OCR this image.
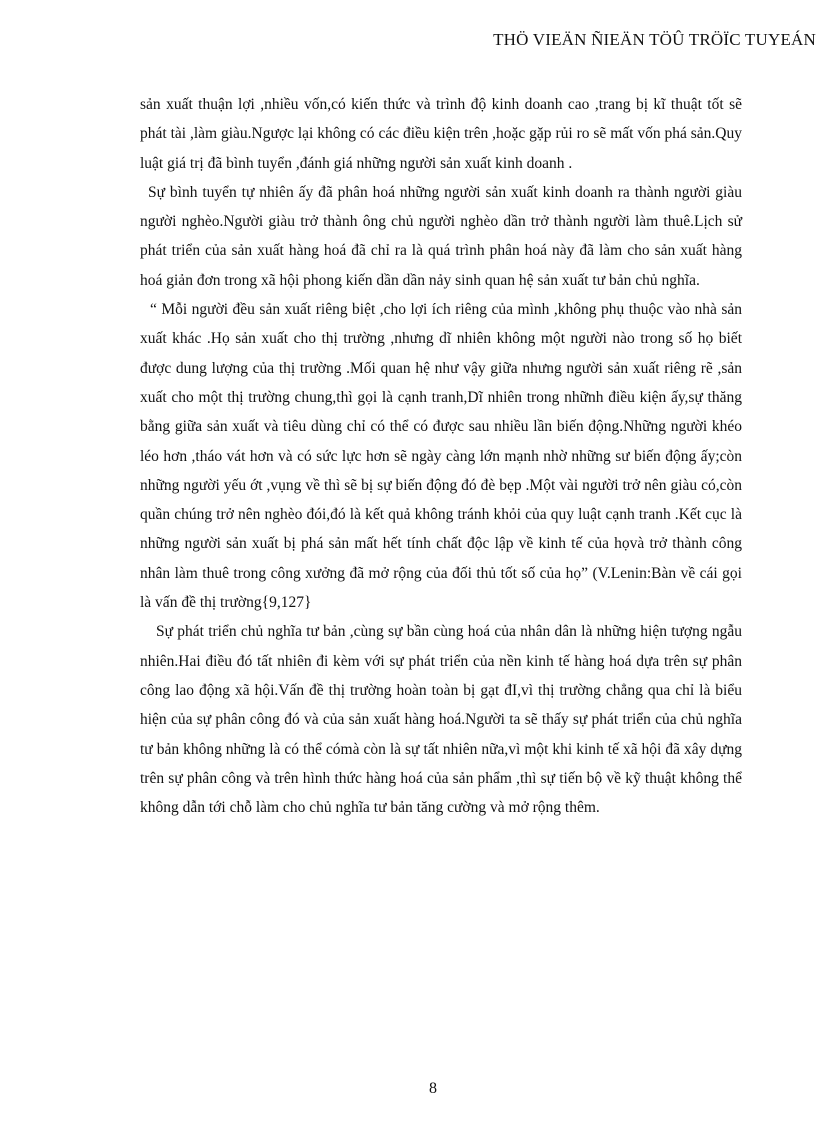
THÖ VIEÄN ÑIEÄN TÖÛ TRÖÏC TUYEÁN

sản xuất thuận lợi ,nhiều vốn,có kiến thức và trình độ kinh doanh cao ,trang bị kĩ thuật tốt sẽ phát tài ,làm giàu.Ngược lại không có các điều kiện trên ,hoặc gặp rủi ro sẽ mất vốn phá sản.Quy luật giá trị đã bình tuyển ,đánh giá những người sản xuất kinh doanh .

Sự bình tuyển tự nhiên ấy đã phân hoá những người sản xuất kinh doanh ra thành người giàu người nghèo.Người giàu trở thành ông chủ người nghèo dần trở thành người làm thuê.Lịch sử phát triển của sản xuất hàng hoá đã chỉ ra là quá trình phân hoá này đã làm cho sản xuất hàng hoá giản đơn trong xã hội phong kiến dần dần nảy sinh quan hệ sản xuất tư bản chủ nghĩa.

“ Mỗi người đều sản xuất riêng biệt ,cho lợi ích riêng của mình ,không phụ thuộc vào nhà sản xuất khác .Họ sản xuất cho thị trường ,nhưng dĩ nhiên không một người nào trong số họ biết được dung lượng của thị trường .Mối quan hệ như vậy giữa nhưng người sản xuất riêng rẽ ,sản xuất cho một thị trường chung,thì gọi là cạnh tranh,Dĩ nhiên trong nhữnh điều kiện ấy,sự thăng bằng giữa sản xuất và tiêu dùng chỉ có thể có được sau nhiều lần biến động.Những người khéo léo hơn ,tháo vát hơn và có sức lực hơn sẽ ngày càng lớn mạnh nhờ những sư biến động ấy;còn những người yếu ớt ,vụng về thì sẽ bị sự biến động đó đè bẹp .Một vài người trở nên giàu có,còn quần chúng trở nên nghèo đói,đó là kết quả không tránh khỏi của quy luật cạnh tranh .Kết cục là những người sản xuất bị phá sản mất hết tính chất độc lập về kinh tế của họvà trở thành công nhân làm thuê trong công xưởng đã mở rộng của đối thủ tốt số của họ” (V.Lenin:Bàn về cái gọi là vấn đề thị trường{9,127}

Sự phát triển chủ nghĩa tư bản ,cùng sự bần cùng hoá của nhân dân là những hiện tượng ngẫu nhiên.Hai điều đó tất nhiên đi kèm với sự phát triển của nền kinh tế hàng hoá dựa trên sự phân công lao động xã hội.Vấn đề thị trường hoàn toàn bị gạt đI,vì thị trường chẳng qua chỉ là biểu hiện của sự phân công đó và của sản xuất hàng hoá.Người ta sẽ thấy sự phát triển của chủ nghĩa tư bản không những là có thể cómà còn là sự tất nhiên nữa,vì một khi kinh tế xã hội đã xây dựng trên sự phân công và trên hình thức hàng hoá của sản phẩm ,thì sự tiến bộ về kỹ thuật không thể không dẫn tới chỗ làm cho chủ nghĩa tư bản tăng cường và mở rộng thêm.

8
